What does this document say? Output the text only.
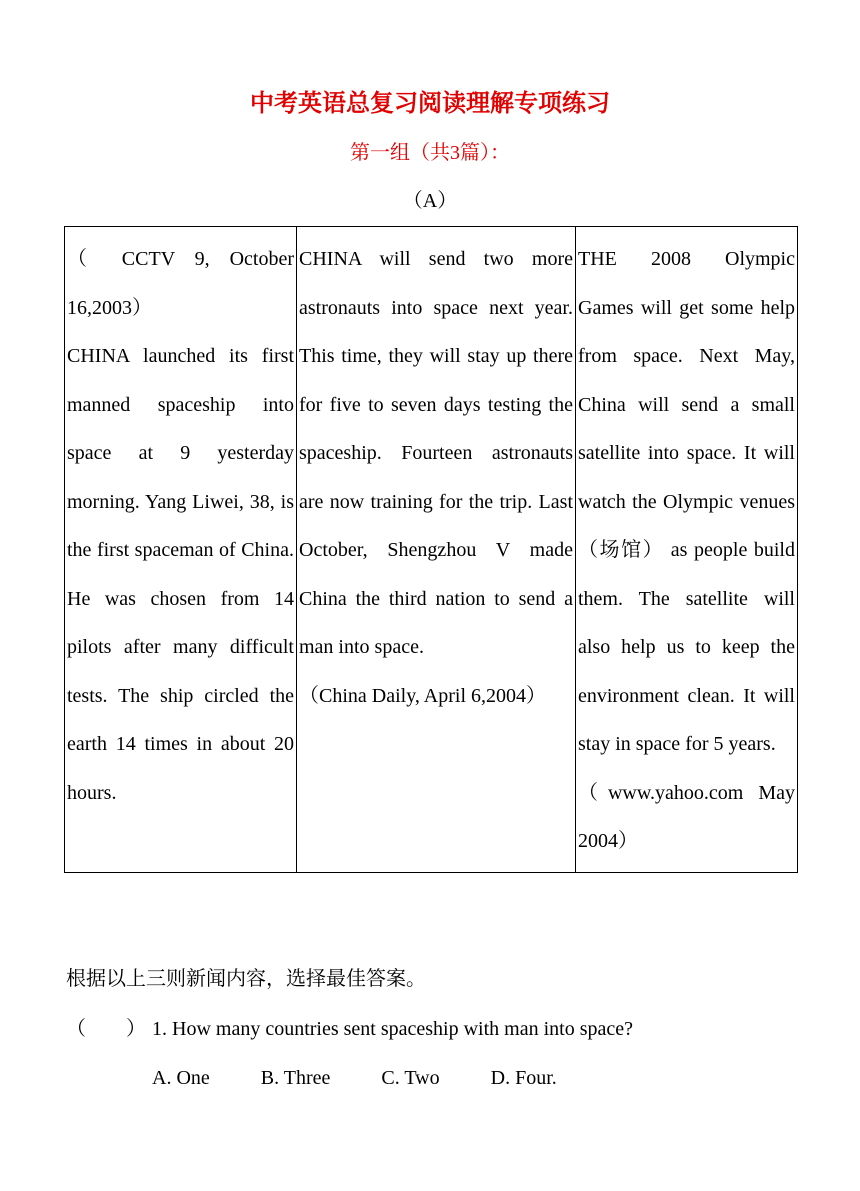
中考英语总复习阅读理解专项练习
第一组（共3篇）：
（A）

（ CCTV 9, October 16,2003）

CHINA launched its first manned spaceship into space at 9 yesterday morning. Yang Liwei, 38, is the first spaceman of China. He was chosen from 14 pilots after many difficult tests. The ship circled the earth 14 times in about 20 hours.

CHINA will send two more astronauts into space next year. This time, they will stay up there for five to seven days testing the spaceship. Fourteen astronauts are now training for the trip. Last October, Shengzhou V made China the third nation to send a man into space.

（China Daily, April 6,2004）

THE 2008 Olympic Games will get some help from space. Next May, China will send a small satellite into space. It will watch the Olympic venues （场馆） as people build them. The satellite will also help us to keep the environment clean. It will stay in space for 5 years.

（www.yahoo.com May 2004）

根据以上三则新闻内容，选择最佳答案。
（　　） 1. How many countries sent spaceship with man into space?
A. One	B. Three	C. Two	D. Four.
